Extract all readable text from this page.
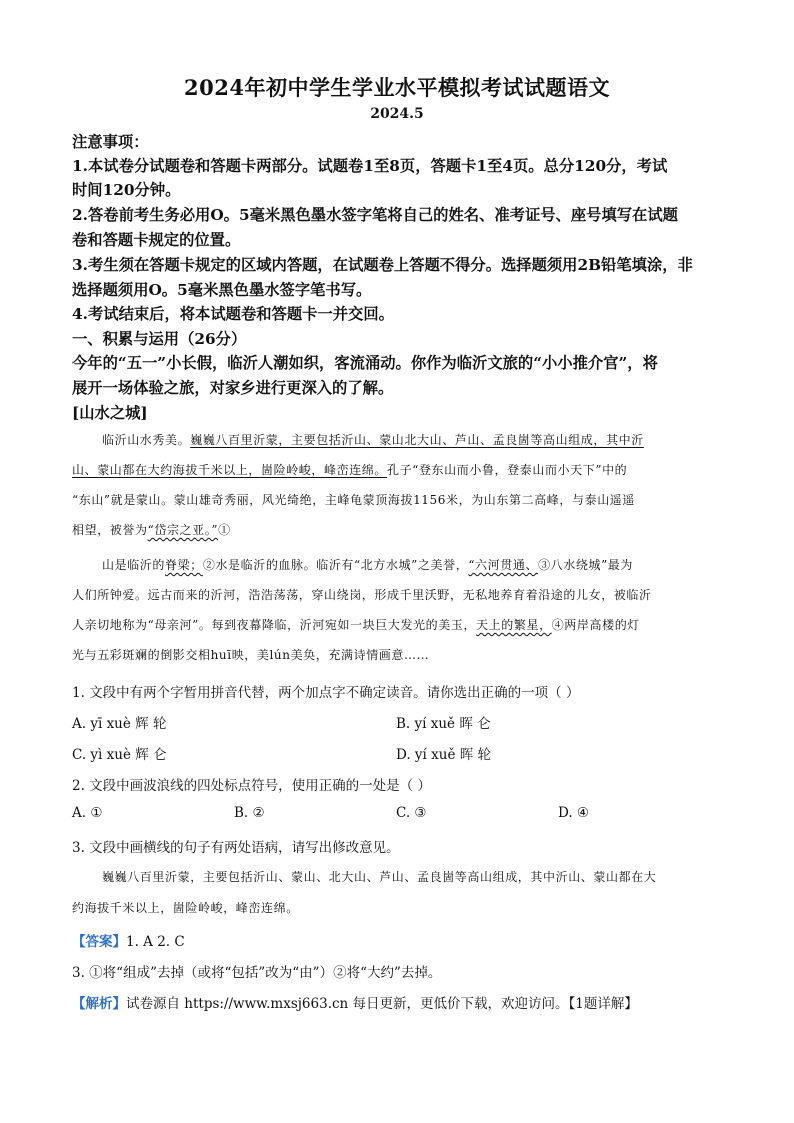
2024年初中学生学业水平模拟考试试题语文
2024.5
注意事项：
1.本试卷分试题卷和答题卡两部分。试题卷1至8页，答题卡1至4页。总分120分，考试
时间120分钟。
2.答卷前考生务必用O。5毫米黑色墨水签字笔将自己的姓名、准考证号、座号填写在试题
卷和答题卡规定的位置。
3.考生须在答题卡规定的区域内答题，在试题卷上答题不得分。选择题须用2B铅笔填涂，非
选择题须用O。5毫米黑色墨水签字笔书写。
4.考试结束后，将本试题卷和答题卡一并交回。
一、积累与运用（26分）
今年的“五一”小长假，临沂人潮如织，客流涌动。你作为临沂文旅的“小小推介官”，将
展开一场体验之旅，对家乡进行更深入的了解。
[山水之城]
临沂山水秀美。巍巍八百里沂蒙，主要包括沂山、蒙山北大山、芦山、孟良崮等高山组成，其中沂
山、蒙山都在大约海拔千米以上，崮险岭峻，峰峦连绵。孔子“登东山而小鲁，登泰山而小天下”中的
“东山”就是蒙山。蒙山雄奇秀丽，风光绮绝，主峰龟蒙顶海拔1156米，为山东第二高峰，与泰山遥遥
相望，被誉为“岱宗之亚。”①
山是临沂的脊梁；②水是临沂的血脉。临沂有“北方水城”之美誉，“六河贯通、③八水绕城”最为
人们所钟爱。远古而来的沂河，浩浩荡荡，穿山绕岗，形成千里沃野，无私地养育着沿途的儿女，被临沂
人亲切地称为“母亲河”。每到夜幕降临，沂河宛如一块巨大发光的美玉，天上的繁星，④两岸高楼的灯
光与五彩斑斓的倒影交相huī映，美lún美奂，充满诗情画意……
1. 文段中有两个字暂用拼音代替，两个加点字不确定读音。请你选出正确的一项（ ）
A. yī xuè 辉 轮	B. yí xuě 晖 仑
C. yì xuè 辉 仑	D. yí xuě 晖 轮
2. 文段中画波浪线的四处标点符号，使用正确的一处是（ ）
A. ①	B. ②	C. ③	D. ④
3. 文段中画横线的句子有两处语病，请写出修改意见。
巍巍八百里沂蒙，主要包括沂山、蒙山、北大山、芦山、孟良崮等高山组成，其中沂山、蒙山都在大
约海拔千米以上，崮险岭峻，峰峦连绵。
【答案】1. A 2. C
3. ①将“组成”去掉（或将“包括”改为“由”）②将“大约”去掉。
【解析】试卷源自 https://www.mxsj663.cn 每日更新，更低价下载，欢迎访问。【1题详解】
